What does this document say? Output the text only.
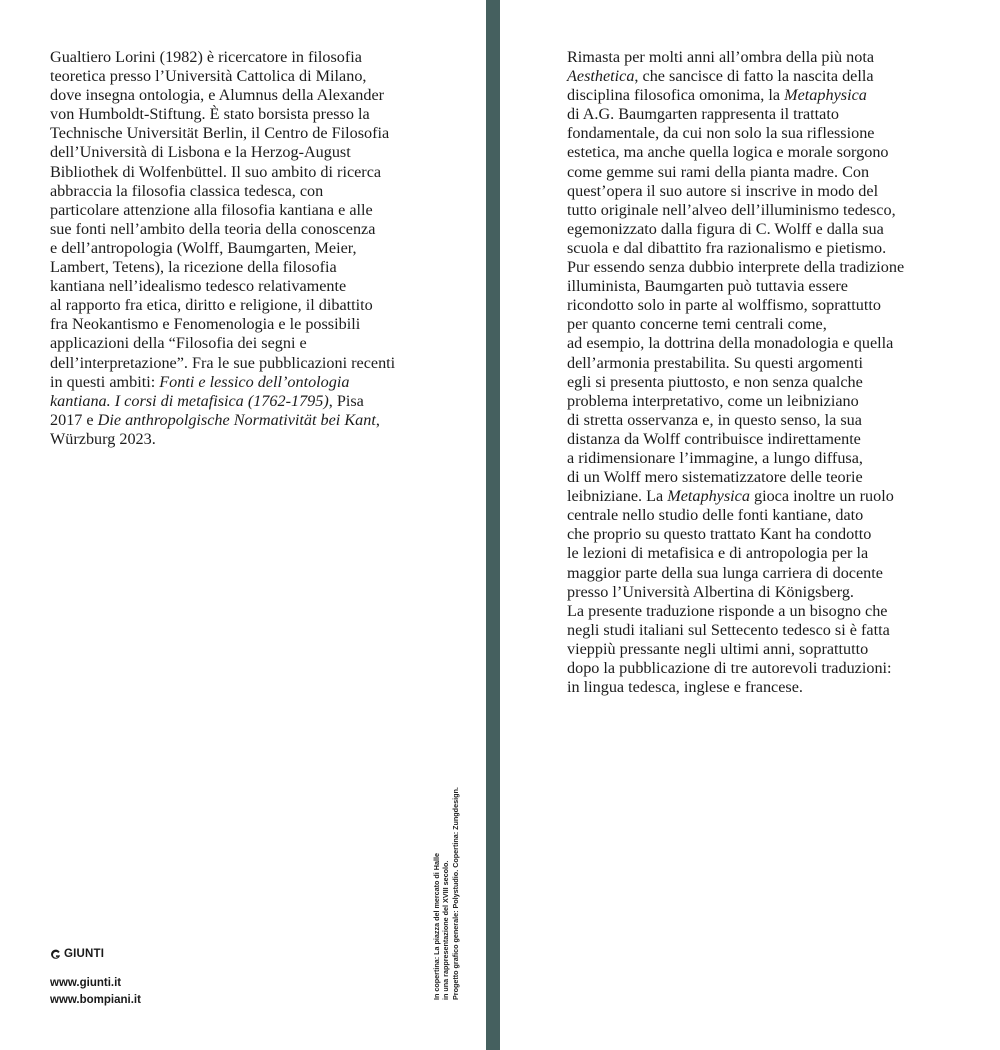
Gualtiero Lorini (1982) è ricercatore in filosofia
teoretica presso l’Università Cattolica di Milano,
dove insegna ontologia, e Alumnus della Alexander
von Humboldt-Stiftung. È stato borsista presso la
Technische Universität Berlin, il Centro de Filosofia
dell’Università di Lisbona e la Herzog-August
Bibliothek di Wolfenbüttel. Il suo ambito di ricerca
abbraccia la filosofia classica tedesca, con
particolare attenzione alla filosofia kantiana e alle
sue fonti nell’ambito della teoria della conoscenza
e dell’antropologia (Wolff, Baumgarten, Meier,
Lambert, Tetens), la ricezione della filosofia
kantiana nell’idealismo tedesco relativamente
al rapporto fra etica, diritto e religione, il dibattito
fra Neokantismo e Fenomenologia e le possibili
applicazioni della “Filosofia dei segni e
dell’interpretazione”. Fra le sue pubblicazioni recenti
in questi ambiti: Fonti e lessico dell’ontologia
kantiana. I corsi di metafisica (1762-1795), Pisa
2017 e Die anthropolgische Normativität bei Kant,
Würzburg 2023.
GIUNTI
www.giunti.it
www.bompiani.it	In copertina: La piazza del mercato di Halle in una rappresentazione del XVIII secolo. Progetto grafico generale: Polystudio. Copertina: Zungdesign.
Rimasta per molti anni all’ombra della più nota
Aesthetica, che sancisce di fatto la nascita della
disciplina filosofica omonima, la Metaphysica
di A.G. Baumgarten rappresenta il trattato
fondamentale, da cui non solo la sua riflessione
estetica, ma anche quella logica e morale sorgono
come gemme sui rami della pianta madre. Con
quest’opera il suo autore si inscrive in modo del
tutto originale nell’alveo dell’illuminismo tedesco,
egemonizzato dalla figura di C. Wolff e dalla sua
scuola e dal dibattito fra razionalismo e pietismo.
Pur essendo senza dubbio interprete della tradizione
illuminista, Baumgarten può tuttavia essere
ricondotto solo in parte al wolffismo, soprattutto
per quanto concerne temi centrali come,
ad esempio, la dottrina della monadologia e quella
dell’armonia prestabilita. Su questi argomenti
egli si presenta piuttosto, e non senza qualche
problema interpretativo, come un leibniziano
di stretta osservanza e, in questo senso, la sua
distanza da Wolff contribuisce indirettamente
a ridimensionare l’immagine, a lungo diffusa,
di un Wolff mero sistematizzatore delle teorie
leibniziane. La Metaphysica gioca inoltre un ruolo
centrale nello studio delle fonti kantiane, dato
che proprio su questo trattato Kant ha condotto
le lezioni di metafisica e di antropologia per la
maggior parte della sua lunga carriera di docente
presso l’Università Albertina di Königsberg.
La presente traduzione risponde a un bisogno che
negli studi italiani sul Settecento tedesco si è fatta
vieppiù pressante negli ultimi anni, soprattutto
dopo la pubblicazione di tre autorevoli traduzioni:
in lingua tedesca, inglese e francese.
